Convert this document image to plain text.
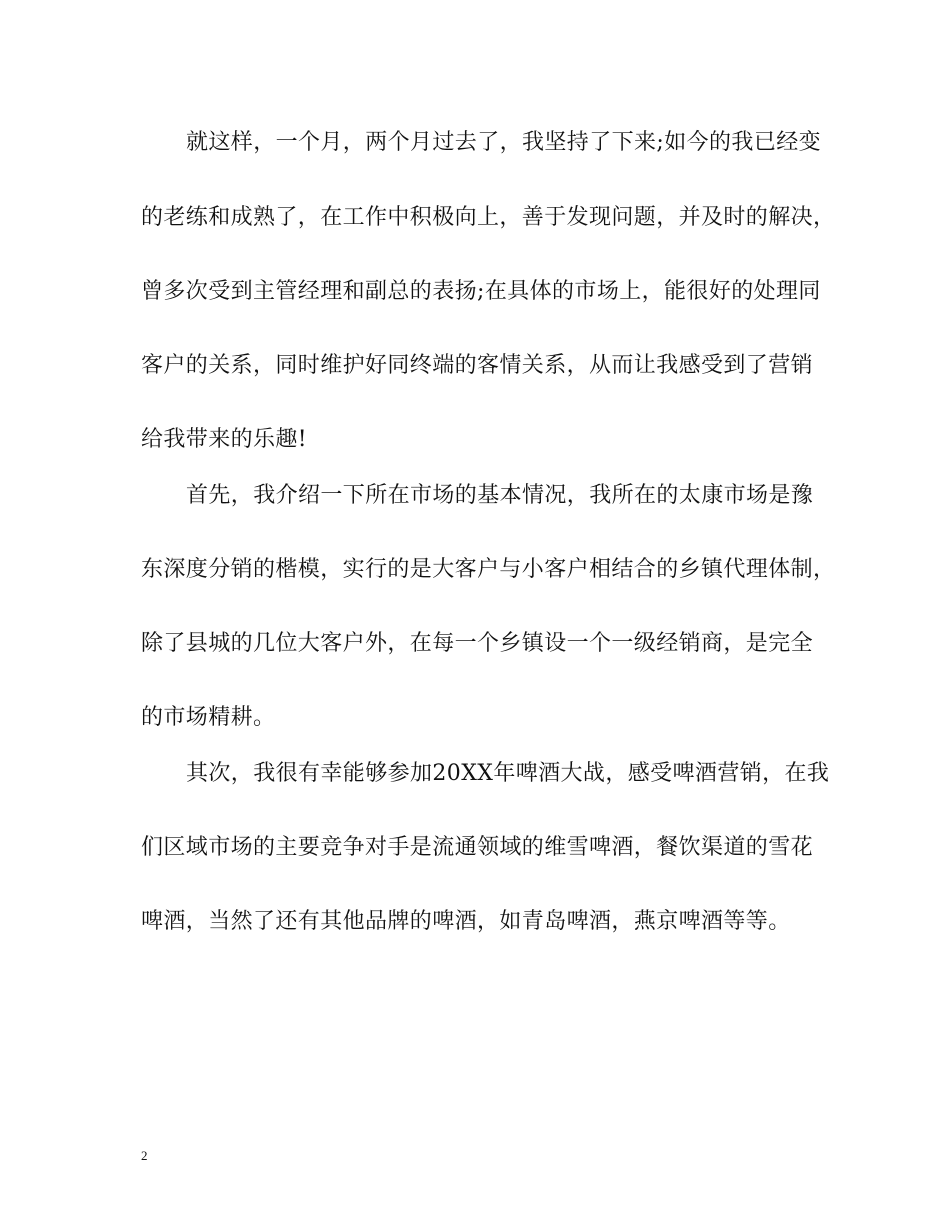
就这样，一个月，两个月过去了，我坚持了下来;如今的我已经变
的老练和成熟了，在工作中积极向上，善于发现问题，并及时的解决，
曾多次受到主管经理和副总的表扬;在具体的市场上，能很好的处理同
客户的关系，同时维护好同终端的客情关系，从而让我感受到了营销
给我带来的乐趣!
首先，我介绍一下所在市场的基本情况，我所在的太康市场是豫
东深度分销的楷模，实行的是大客户与小客户相结合的乡镇代理体制，
除了县城的几位大客户外，在每一个乡镇设一个一级经销商，是完全
的市场精耕。
其次，我很有幸能够参加20XX年啤酒大战，感受啤酒营销，在我
们区域市场的主要竞争对手是流通领域的维雪啤酒，餐饮渠道的雪花
啤酒，当然了还有其他品牌的啤酒，如青岛啤酒，燕京啤酒等等。
2
